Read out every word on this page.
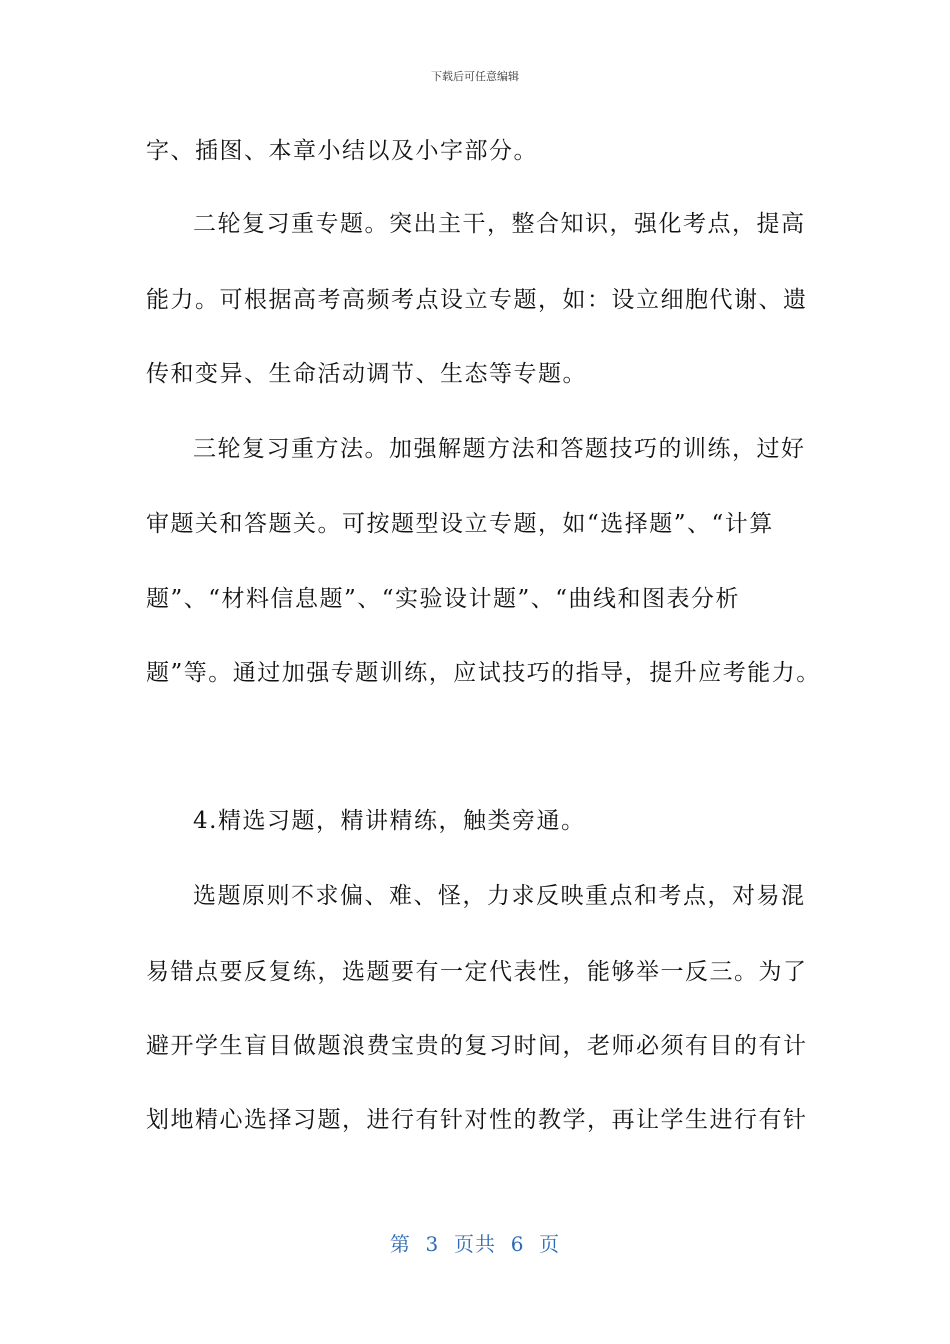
下载后可任意编辑
字、插图、本章小结以及小字部分。
二轮复习重专题。突出主干，整合知识，强化考点，提高
能力。可根据高考高频考点设立专题，如：设立细胞代谢、遗
传和变异、生命活动调节、生态等专题。
三轮复习重方法。加强解题方法和答题技巧的训练，过好
审题关和答题关。可按题型设立专题，如“选择题”、“计算
题”、“材料信息题”、“实验设计题”、“曲线和图表分析
题”等。通过加强专题训练，应试技巧的指导，提升应考能力。
4.精选习题，精讲精练，触类旁通。
选题原则不求偏、难、怪，力求反映重点和考点，对易混
易错点要反复练，选题要有一定代表性，能够举一反三。为了
避开学生盲目做题浪费宝贵的复习时间，老师必须有目的有计
划地精心选择习题，进行有针对性的教学，再让学生进行有针
第  3  页共  6  页
